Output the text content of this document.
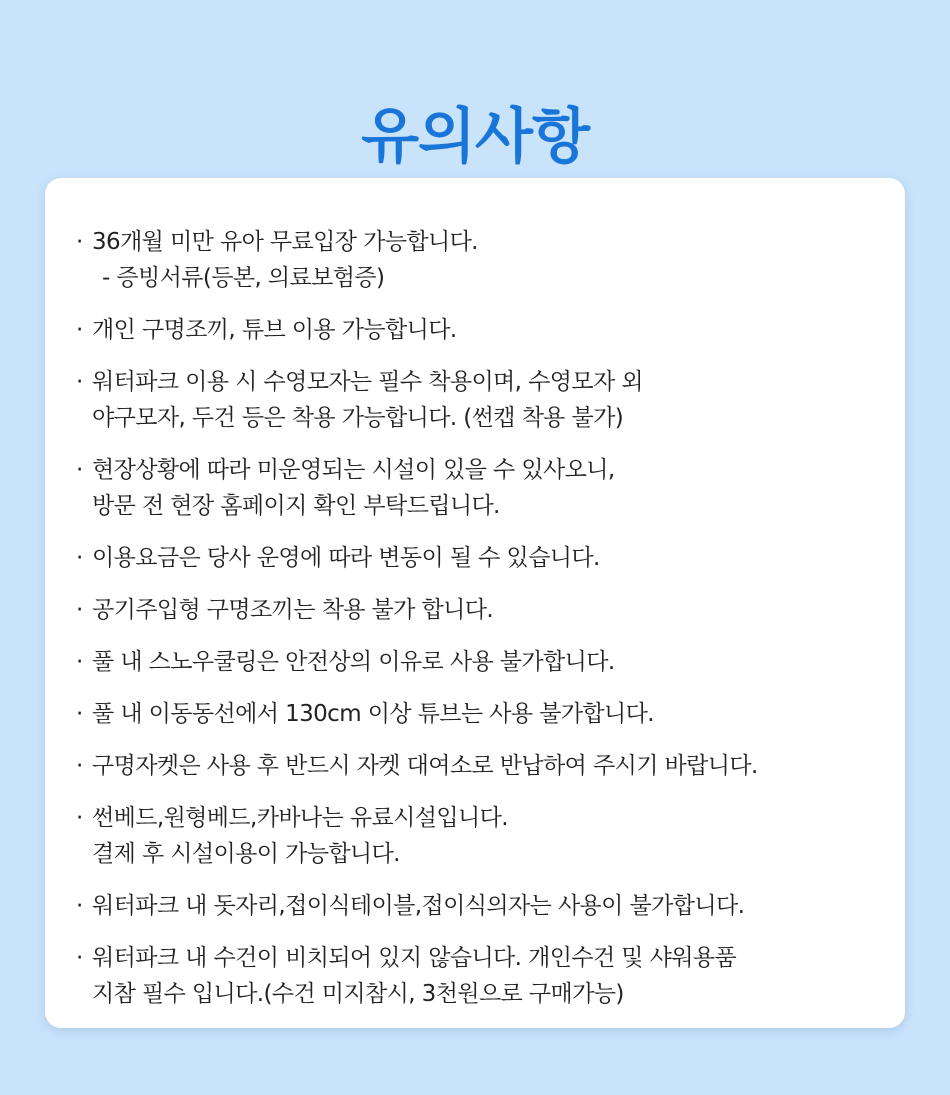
유의사항
· 36개월 미만 유아 무료입장 가능합니다.
- 증빙서류(등본, 의료보험증)
· 개인 구명조끼, 튜브 이용 가능합니다.
· 워터파크 이용 시 수영모자는 필수 착용이며, 수영모자 외
야구모자, 두건 등은 착용 가능합니다. (썬캡 착용 불가)
· 현장상황에 따라 미운영되는 시설이 있을 수 있사오니,
방문 전 현장 홈페이지 확인 부탁드립니다.
· 이용요금은 당사 운영에 따라 변동이 될 수 있습니다.
· 공기주입형 구명조끼는 착용 불가 합니다.
· 풀 내 스노우쿨링은 안전상의 이유로 사용 불가합니다.
· 풀 내 이동동선에서 130cm 이상 튜브는 사용 불가합니다.
· 구명자켓은 사용 후 반드시 자켓 대여소로 반납하여 주시기 바랍니다.
· 썬베드,원형베드,카바나는 유료시설입니다.
결제 후 시설이용이 가능합니다.
· 워터파크 내 돗자리,접이식테이블,접이식의자는 사용이 불가합니다.
· 워터파크 내 수건이 비치되어 있지 않습니다. 개인수건 및 샤워용품
지참 필수 입니다.(수건 미지참시, 3천원으로 구매가능)
